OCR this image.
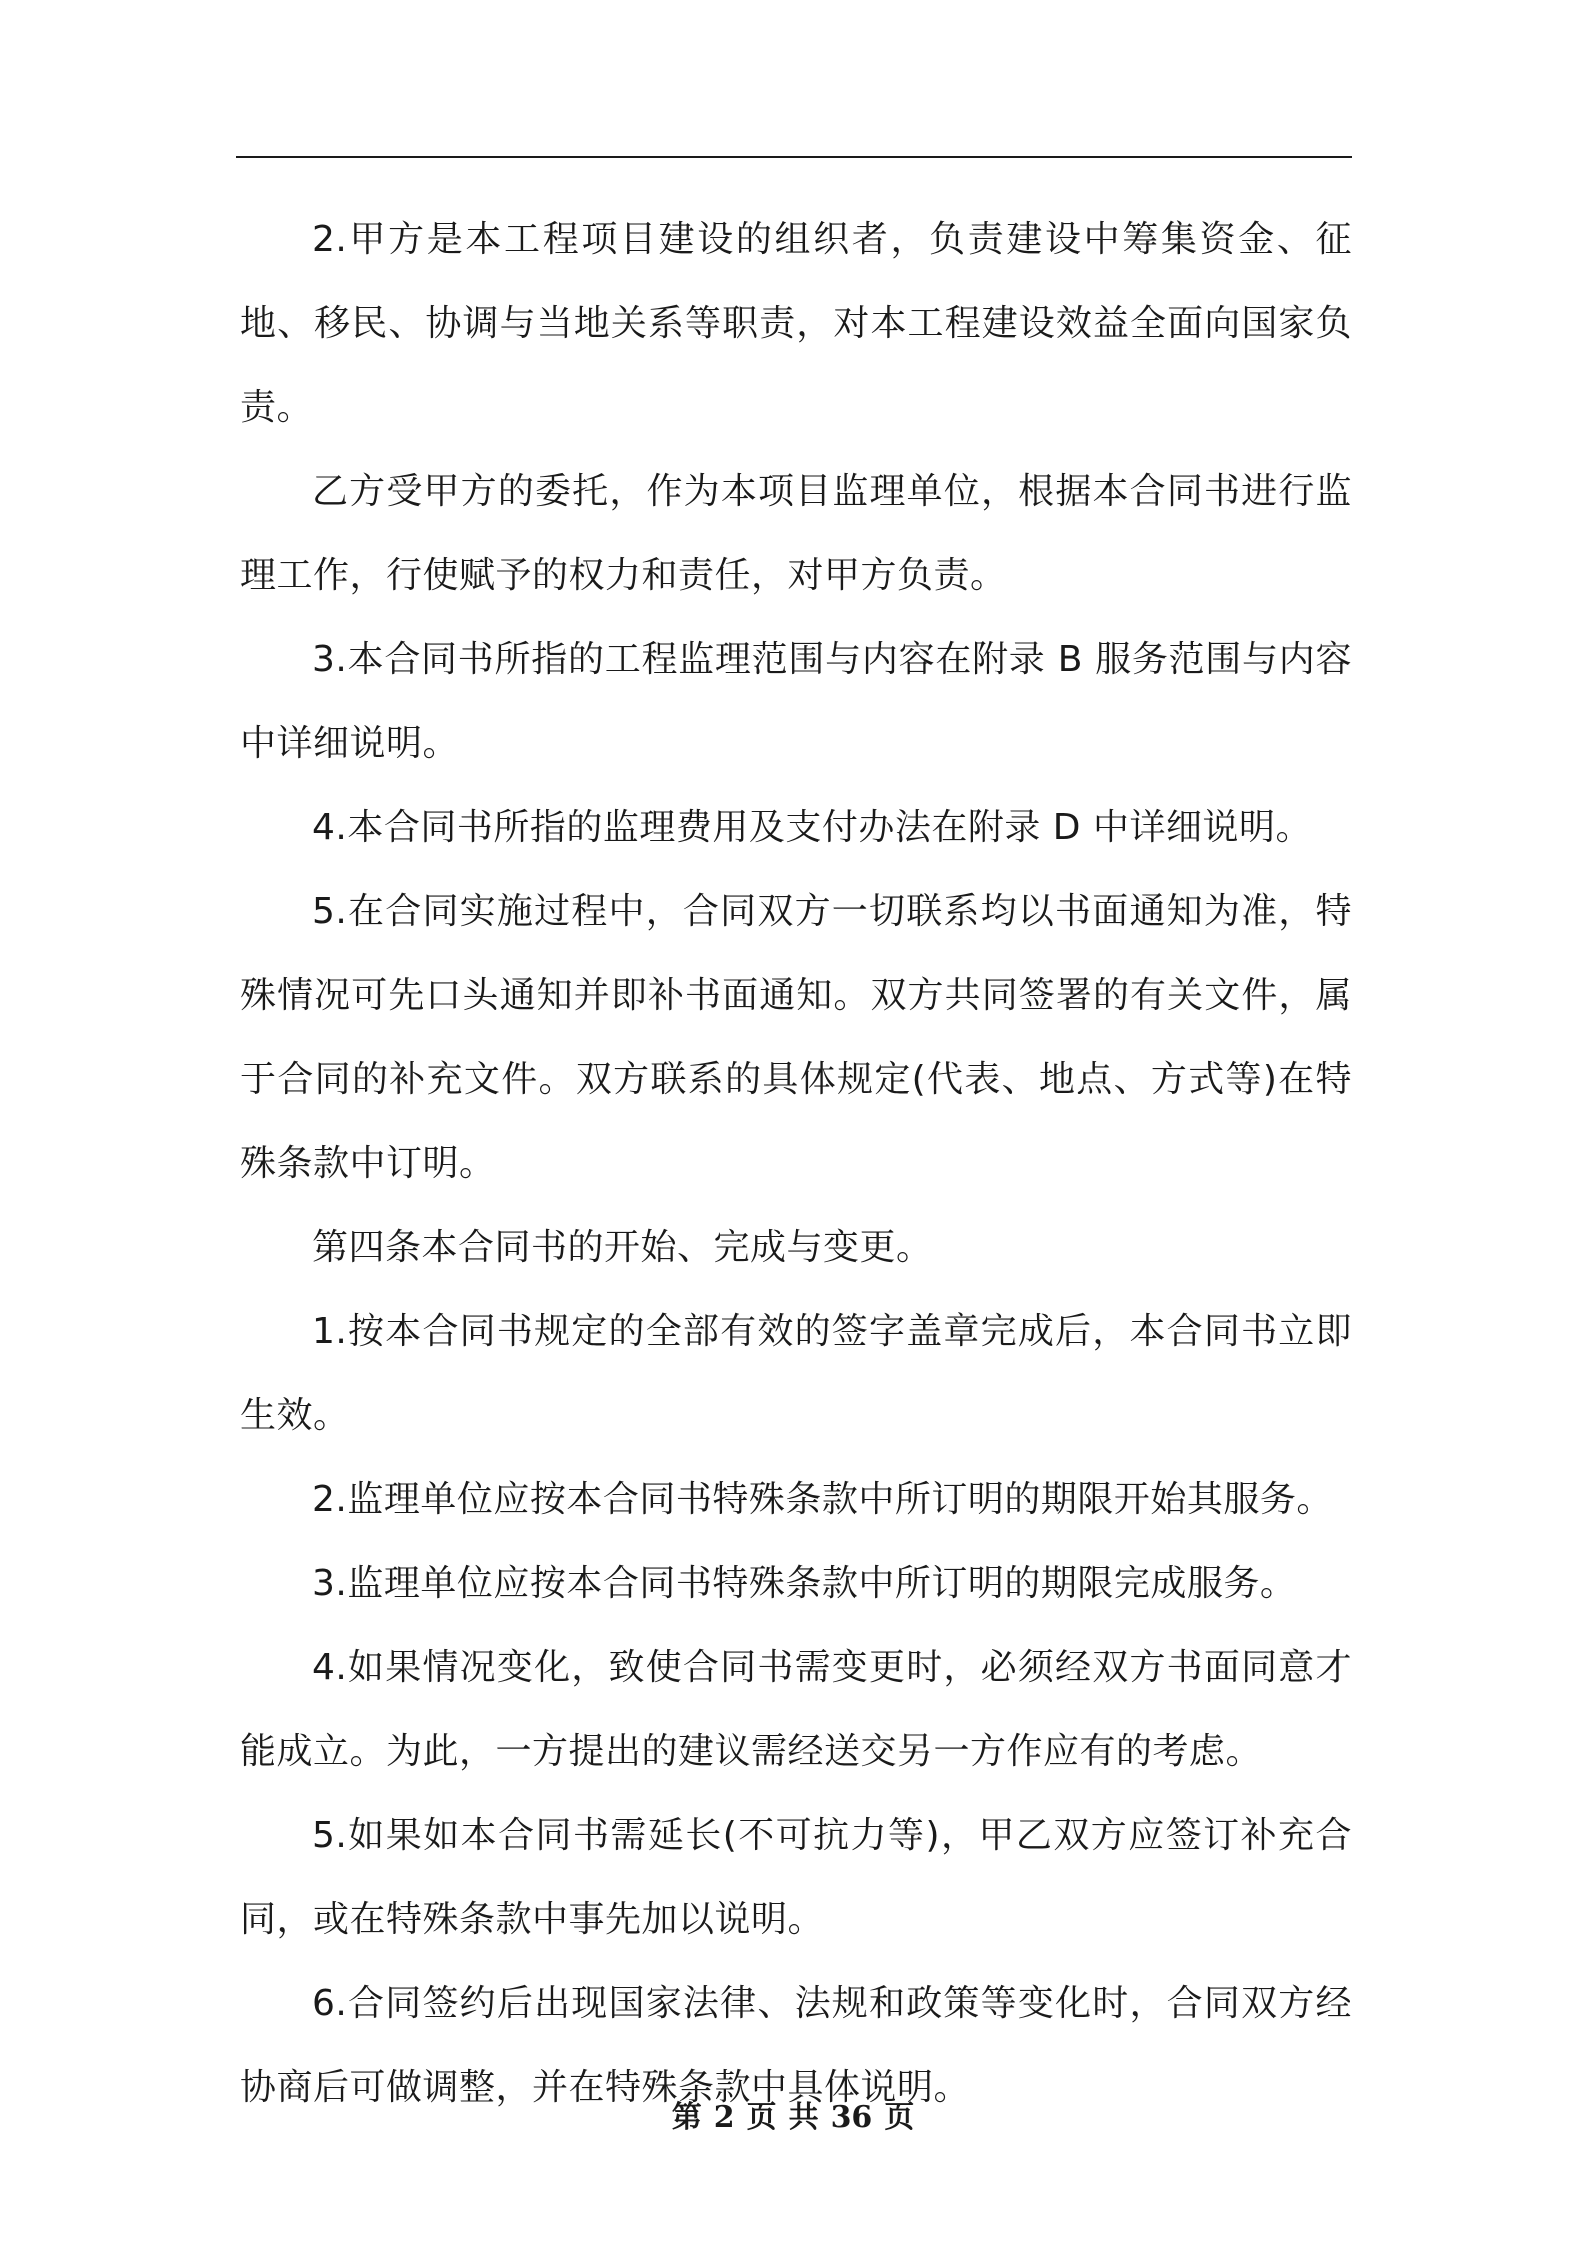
2.甲方是本工程项目建设的组织者，负责建设中筹集资金、征地、移民、协调与当地关系等职责，对本工程建设效益全面向国家负责。

乙方受甲方的委托，作为本项目监理单位，根据本合同书进行监理工作，行使赋予的权力和责任，对甲方负责。

3.本合同书所指的工程监理范围与内容在附录 B 服务范围与内容中详细说明。

4.本合同书所指的监理费用及支付办法在附录 D 中详细说明。

5.在合同实施过程中，合同双方一切联系均以书面通知为准，特殊情况可先口头通知并即补书面通知。双方共同签署的有关文件，属于合同的补充文件。双方联系的具体规定(代表、地点、方式等)在特殊条款中订明。

第四条本合同书的开始、完成与变更。

1.按本合同书规定的全部有效的签字盖章完成后，本合同书立即生效。

2.监理单位应按本合同书特殊条款中所订明的期限开始其服务。

3.监理单位应按本合同书特殊条款中所订明的期限完成服务。

4.如果情况变化，致使合同书需变更时，必须经双方书面同意才能成立。为此，一方提出的建议需经送交另一方作应有的考虑。

5.如果如本合同书需延长(不可抗力等)，甲乙双方应签订补充合同，或在特殊条款中事先加以说明。

6.合同签约后出现国家法律、法规和政策等变化时，合同双方经协商后可做调整，并在特殊条款中具体说明。

第 2 页 共 36 页
